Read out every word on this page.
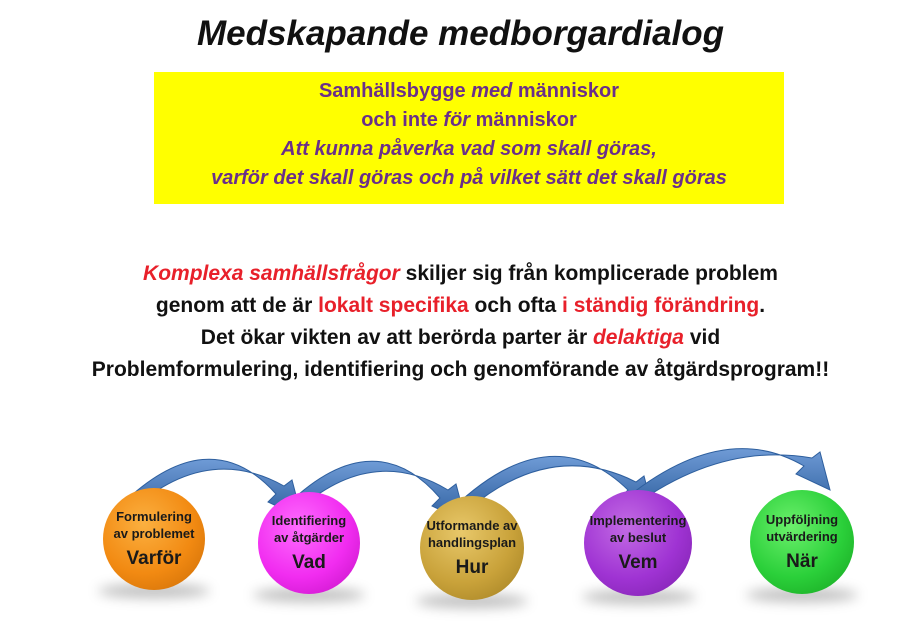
Medskapande medborgardialog
Samhällsbygge med människor
och inte för människor
Att kunna påverka vad som skall göras,
varför det skall göras och på vilket sätt det skall göras
Komplexa samhällsfrågor skiljer sig från komplicerade problem
genom att de är lokalt specifika och ofta i ständig förändring.
Det ökar vikten av att berörda parter är delaktiga vid
Problemformulering, identifiering och genomförande av åtgärdsprogram!!
Formulering
av problemet
Varför
Identifiering
av åtgärder
Vad
Utformande av
handlingsplan
Hur
Implementering
av beslut
Vem
Uppföljning
utvärdering
När
